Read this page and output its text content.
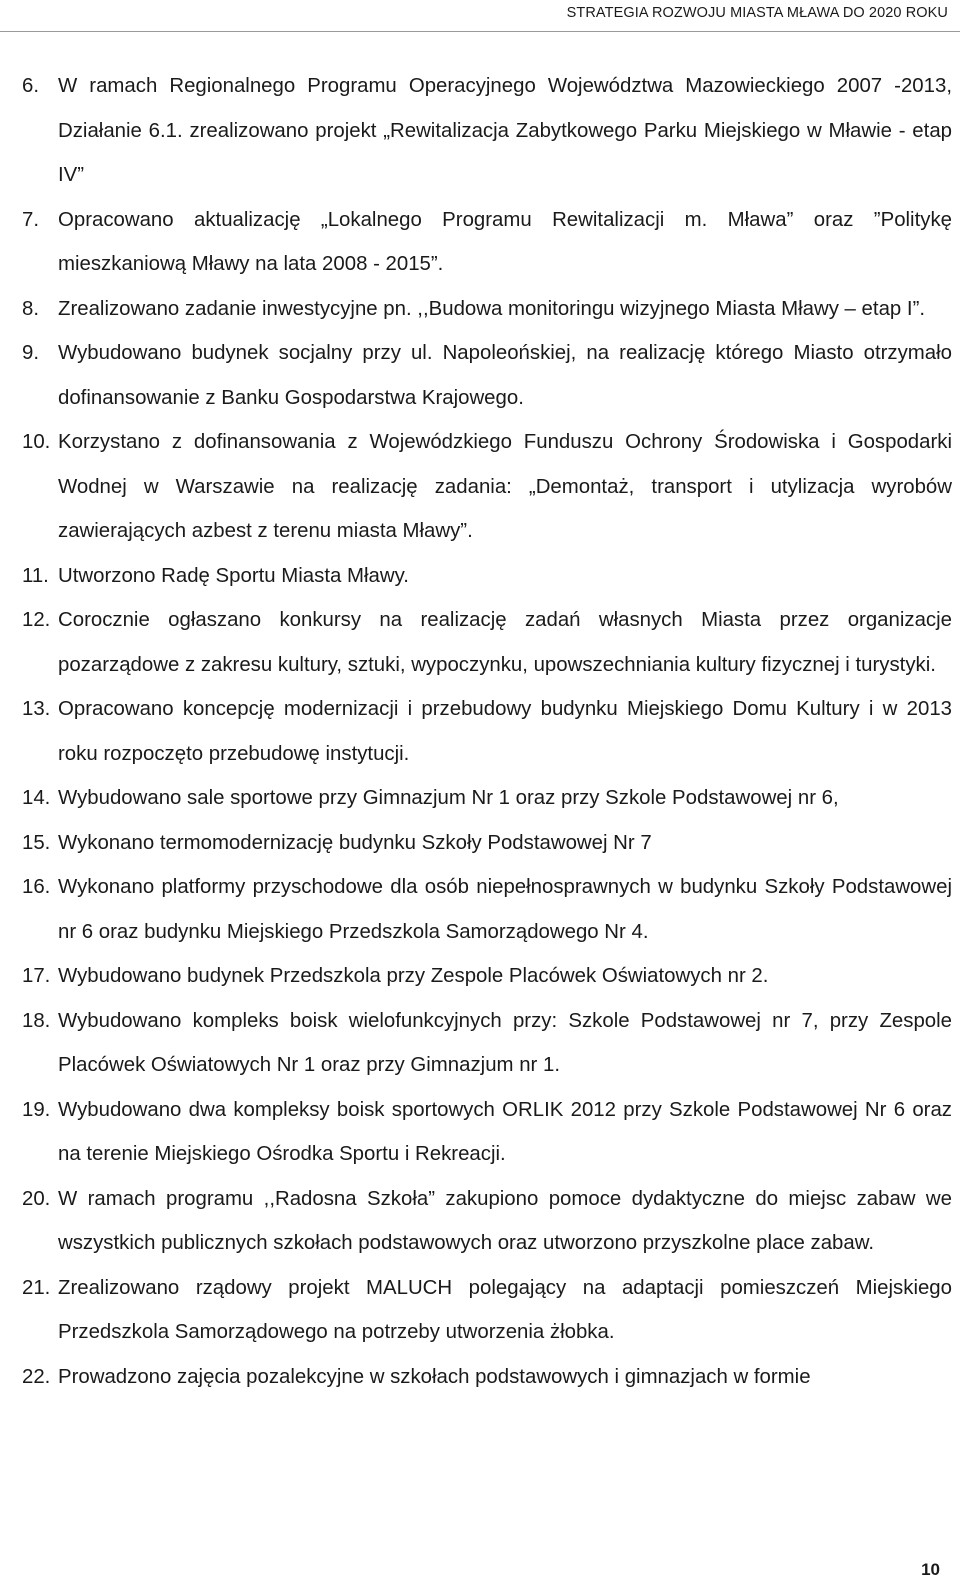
STRATEGIA ROZWOJU MIASTA MŁAWA DO 2020 ROKU
6. W ramach Regionalnego Programu Operacyjnego Województwa Mazowieckiego 2007 -2013, Działanie 6.1. zrealizowano projekt „Rewitalizacja Zabytkowego Parku Miejskiego w Mławie - etap IV”
7. Opracowano aktualizację „Lokalnego Programu Rewitalizacji m. Mława” oraz ”Politykę mieszkaniową Mławy na lata 2008 - 2015”.
8. Zrealizowano zadanie inwestycyjne pn. ,,Budowa monitoringu wizyjnego Miasta Mławy – etap I”.
9. Wybudowano budynek socjalny przy ul. Napoleońskiej, na realizację którego Miasto otrzymało dofinansowanie z Banku Gospodarstwa Krajowego.
10. Korzystano z dofinansowania z Wojewódzkiego Funduszu Ochrony Środowiska i Gospodarki Wodnej w Warszawie na realizację zadania: „Demontaż, transport i utylizacja wyrobów zawierających azbest z terenu miasta Mławy”.
11. Utworzono Radę Sportu Miasta Mławy.
12. Corocznie ogłaszano konkursy na realizację zadań własnych Miasta przez organizacje pozarządowe z zakresu kultury, sztuki, wypoczynku, upowszechniania kultury fizycznej i turystyki.
13. Opracowano koncepcję modernizacji i przebudowy budynku Miejskiego Domu Kultury i w 2013 roku rozpoczęto przebudowę instytucji.
14. Wybudowano sale sportowe przy Gimnazjum Nr 1 oraz przy Szkole Podstawowej nr 6,
15. Wykonano termomodernizację budynku Szkoły Podstawowej Nr 7
16. Wykonano platformy przyschodowe dla osób niepełnosprawnych w budynku Szkoły Podstawowej nr 6 oraz budynku Miejskiego Przedszkola Samorządowego Nr 4.
17. Wybudowano budynek Przedszkola przy Zespole Placówek Oświatowych nr 2.
18. Wybudowano kompleks boisk wielofunkcyjnych przy: Szkole Podstawowej nr 7, przy Zespole Placówek Oświatowych Nr 1 oraz przy Gimnazjum nr 1.
19. Wybudowano dwa kompleksy boisk sportowych ORLIK 2012 przy Szkole Podstawowej Nr 6 oraz na terenie Miejskiego Ośrodka Sportu i Rekreacji.
20. W ramach programu ,,Radosna Szkoła” zakupiono pomoce dydaktyczne do miejsc zabaw we wszystkich publicznych szkołach podstawowych oraz utworzono przyszkolne place zabaw.
21. Zrealizowano rządowy projekt MALUCH polegający na adaptacji pomieszczeń Miejskiego Przedszkola Samorządowego na potrzeby utworzenia żłobka.
22. Prowadzono zajęcia pozalekcyjne w szkołach podstawowych i gimnazjach w formie
10
